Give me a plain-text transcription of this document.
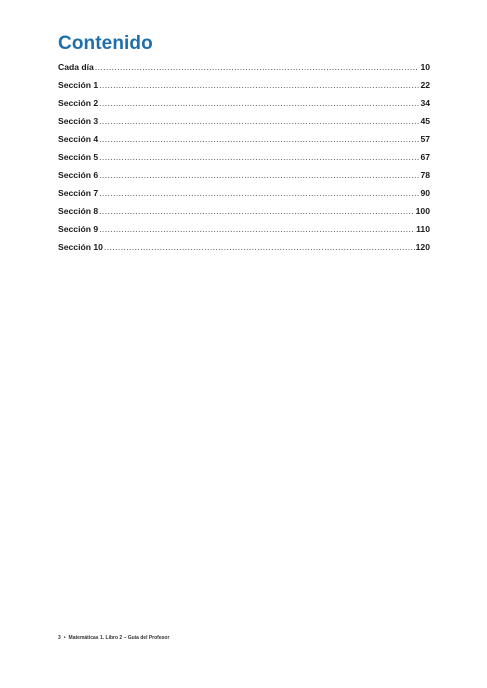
Contenido
Cada día .....	10
Sección 1 .....	22
Sección 2 .....	34
Sección 3 .....	45
Sección 4 .....	57
Sección 5 .....	67
Sección 6 .....	78
Sección 7 .....	90
Sección 8 .....	100
Sección 9 .....	110
Sección 10 .....	120
3 • Matemáticas 1. Libro 2 – Guía del Profesor
